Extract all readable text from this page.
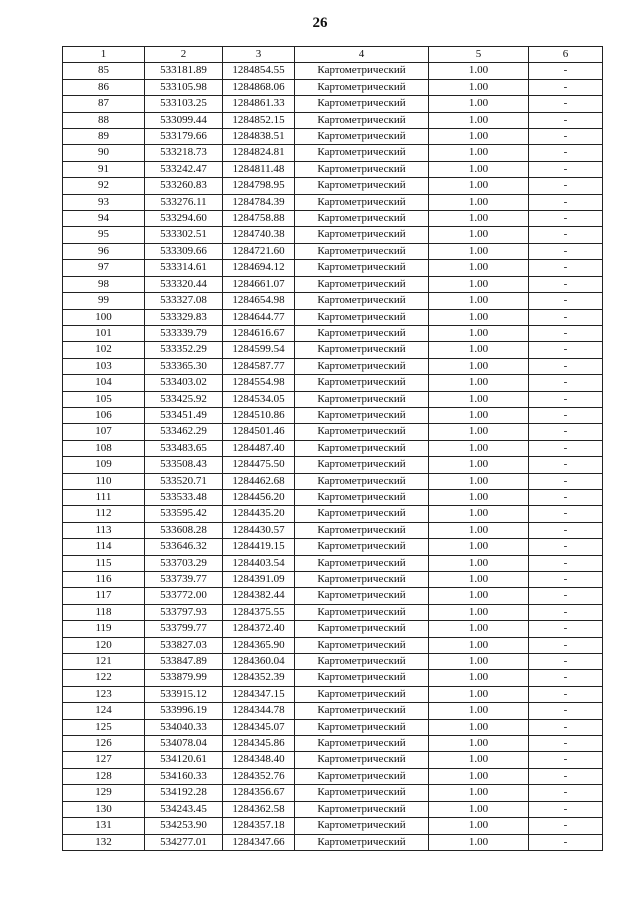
26
1	2	3	4	5	6
85	533181.89	1284854.55	Картометрический	1.00	-
86	533105.98	1284868.06	Картометрический	1.00	-
87	533103.25	1284861.33	Картометрический	1.00	-
88	533099.44	1284852.15	Картометрический	1.00	-
89	533179.66	1284838.51	Картометрический	1.00	-
90	533218.73	1284824.81	Картометрический	1.00	-
91	533242.47	1284811.48	Картометрический	1.00	-
92	533260.83	1284798.95	Картометрический	1.00	-
93	533276.11	1284784.39	Картометрический	1.00	-
94	533294.60	1284758.88	Картометрический	1.00	-
95	533302.51	1284740.38	Картометрический	1.00	-
96	533309.66	1284721.60	Картометрический	1.00	-
97	533314.61	1284694.12	Картометрический	1.00	-
98	533320.44	1284661.07	Картометрический	1.00	-
99	533327.08	1284654.98	Картометрический	1.00	-
100	533329.83	1284644.77	Картометрический	1.00	-
101	533339.79	1284616.67	Картометрический	1.00	-
102	533352.29	1284599.54	Картометрический	1.00	-
103	533365.30	1284587.77	Картометрический	1.00	-
104	533403.02	1284554.98	Картометрический	1.00	-
105	533425.92	1284534.05	Картометрический	1.00	-
106	533451.49	1284510.86	Картометрический	1.00	-
107	533462.29	1284501.46	Картометрический	1.00	-
108	533483.65	1284487.40	Картометрический	1.00	-
109	533508.43	1284475.50	Картометрический	1.00	-
110	533520.71	1284462.68	Картометрический	1.00	-
111	533533.48	1284456.20	Картометрический	1.00	-
112	533595.42	1284435.20	Картометрический	1.00	-
113	533608.28	1284430.57	Картометрический	1.00	-
114	533646.32	1284419.15	Картометрический	1.00	-
115	533703.29	1284403.54	Картометрический	1.00	-
116	533739.77	1284391.09	Картометрический	1.00	-
117	533772.00	1284382.44	Картометрический	1.00	-
118	533797.93	1284375.55	Картометрический	1.00	-
119	533799.77	1284372.40	Картометрический	1.00	-
120	533827.03	1284365.90	Картометрический	1.00	-
121	533847.89	1284360.04	Картометрический	1.00	-
122	533879.99	1284352.39	Картометрический	1.00	-
123	533915.12	1284347.15	Картометрический	1.00	-
124	533996.19	1284344.78	Картометрический	1.00	-
125	534040.33	1284345.07	Картометрический	1.00	-
126	534078.04	1284345.86	Картометрический	1.00	-
127	534120.61	1284348.40	Картометрический	1.00	-
128	534160.33	1284352.76	Картометрический	1.00	-
129	534192.28	1284356.67	Картометрический	1.00	-
130	534243.45	1284362.58	Картометрический	1.00	-
131	534253.90	1284357.18	Картометрический	1.00	-
132	534277.01	1284347.66	Картометрический	1.00	-
